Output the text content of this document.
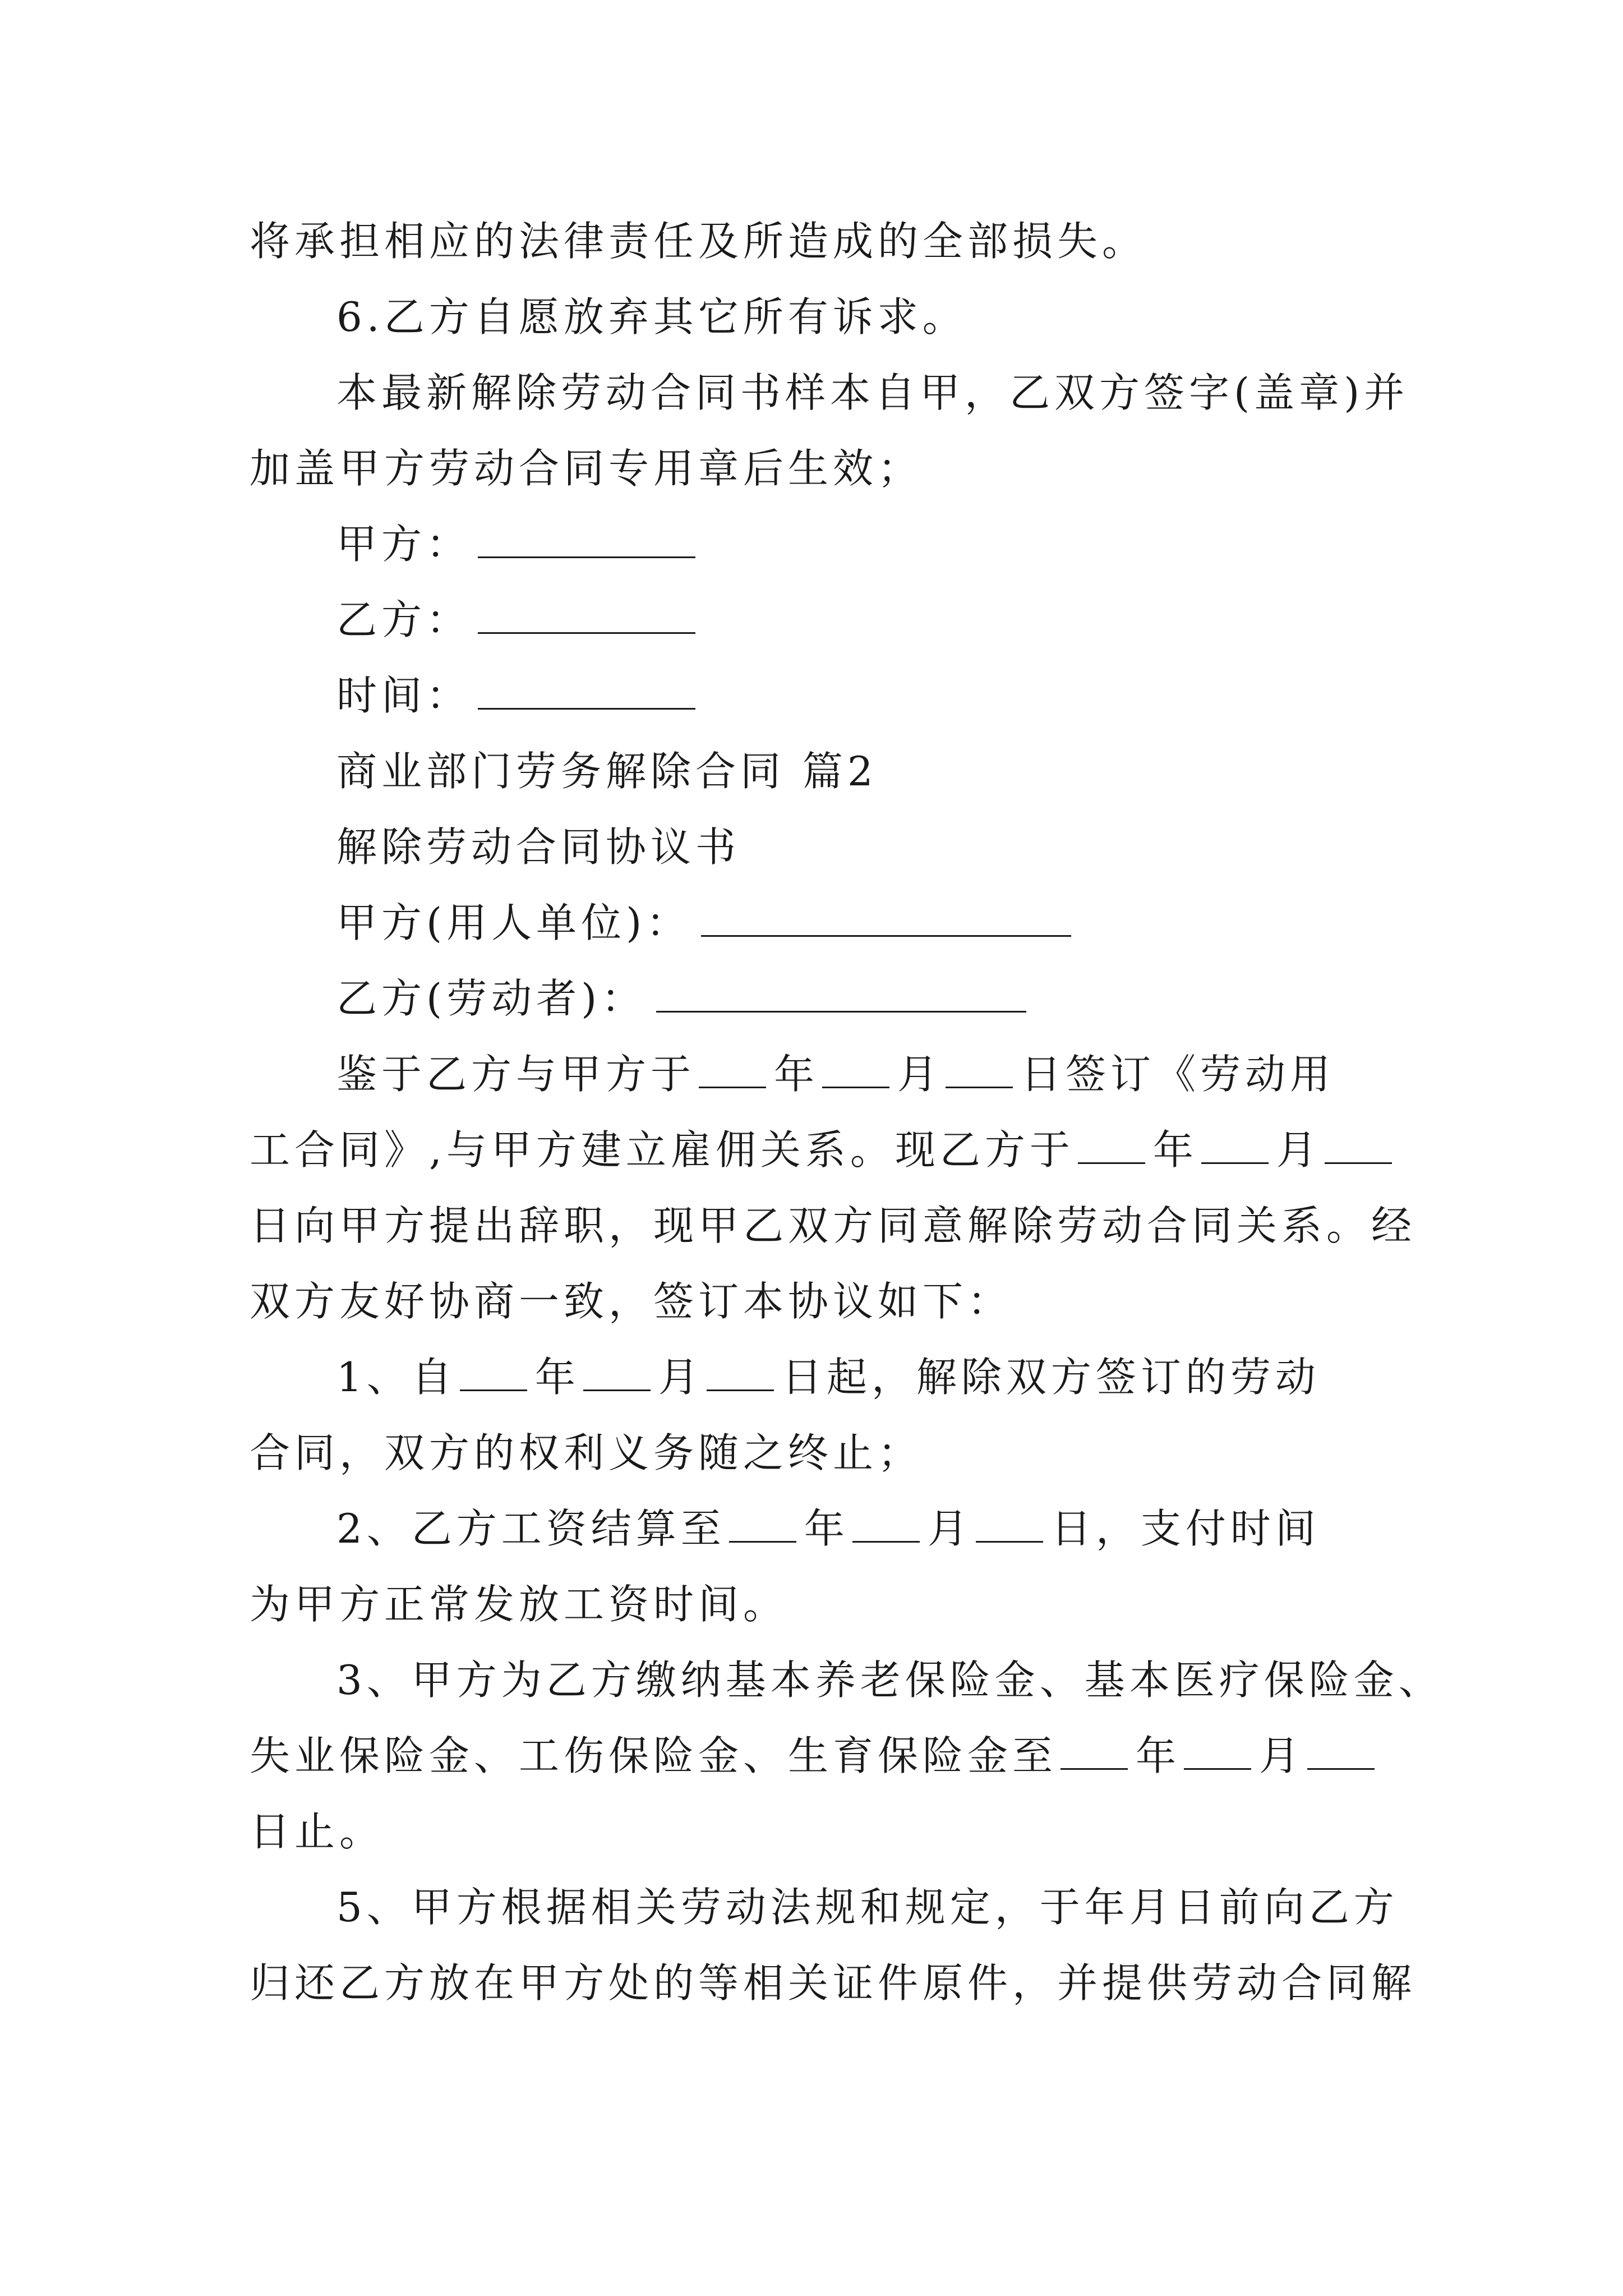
将承担相应的法律责任及所造成的全部损失。
6.乙方自愿放弃其它所有诉求。
本最新解除劳动合同书样本自甲，乙双方签字(盖章)并
加盖甲方劳动合同专用章后生效；
甲方：
乙方：
时间：
商业部门劳务解除合同 篇2
解除劳动合同协议书
甲方(用人单位)：
乙方(劳动者)：
鉴于乙方与甲方于 年 月 日签订《劳动用
工合同》,与甲方建立雇佣关系。现乙方于 年 月
日向甲方提出辞职，现甲乙双方同意解除劳动合同关系。经
双方友好协商一致，签订本协议如下：
1、自 年 月 日起，解除双方签订的劳动
合同，双方的权利义务随之终止；
2、乙方工资结算至 年 月 日，支付时间
为甲方正常发放工资时间。
3、甲方为乙方缴纳基本养老保险金、基本医疗保险金、
失业保险金、工伤保险金、生育保险金至 年 月
日止。
5、甲方根据相关劳动法规和规定，于年月日前向乙方
归还乙方放在甲方处的等相关证件原件，并提供劳动合同解
